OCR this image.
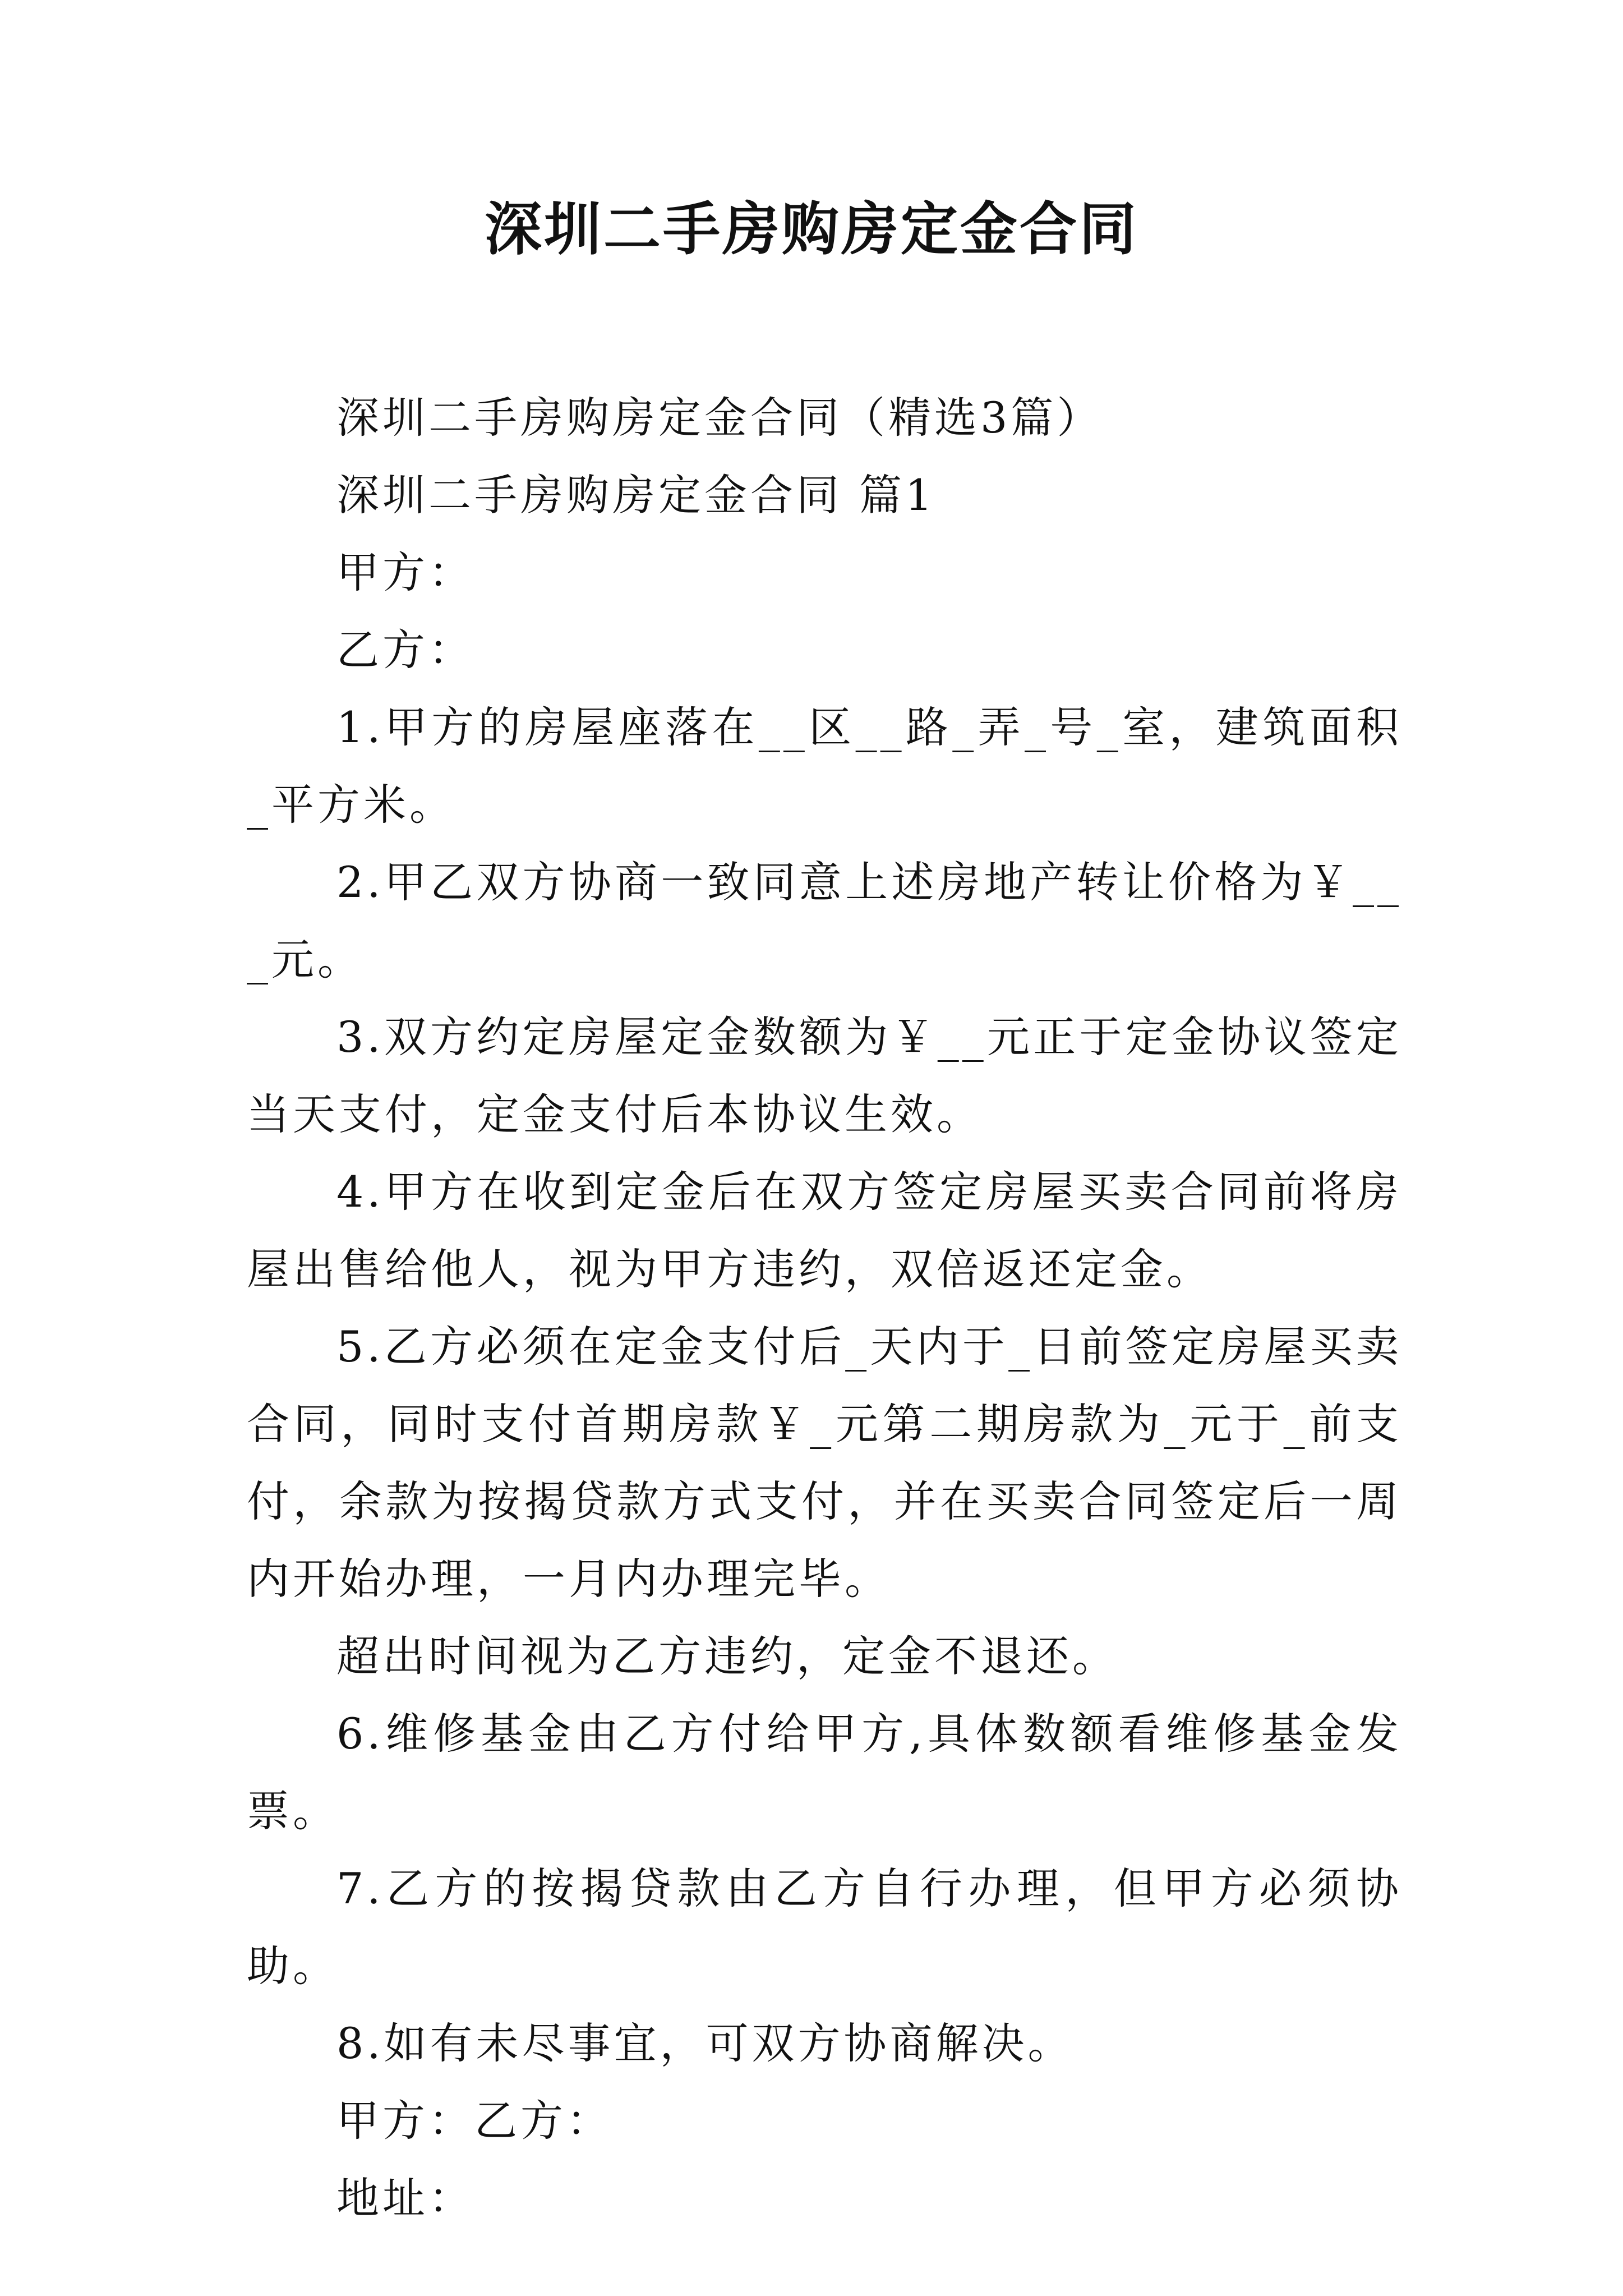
深圳二手房购房定金合同

深圳二手房购房定金合同（精选3篇）

深圳二手房购房定金合同 篇1

甲方：

乙方：

1.甲方的房屋座落在__区__路_弄_号_室，建筑面积_平方米。

2.甲乙双方协商一致同意上述房地产转让价格为￥___元。

3.双方约定房屋定金数额为￥__元正于定金协议签定当天支付，定金支付后本协议生效。

4.甲方在收到定金后在双方签定房屋买卖合同前将房屋出售给他人，视为甲方违约，双倍返还定金。

5.乙方必须在定金支付后_天内于_日前签定房屋买卖合同，同时支付首期房款￥_元第二期房款为_元于_前支付，余款为按揭贷款方式支付，并在买卖合同签定后一周内开始办理，一月内办理完毕。

超出时间视为乙方违约，定金不退还。

6.维修基金由乙方付给甲方,具体数额看维修基金发票。

7.乙方的按揭贷款由乙方自行办理，但甲方必须协助。

8.如有未尽事宜，可双方协商解决。

甲方：乙方：

地址：
